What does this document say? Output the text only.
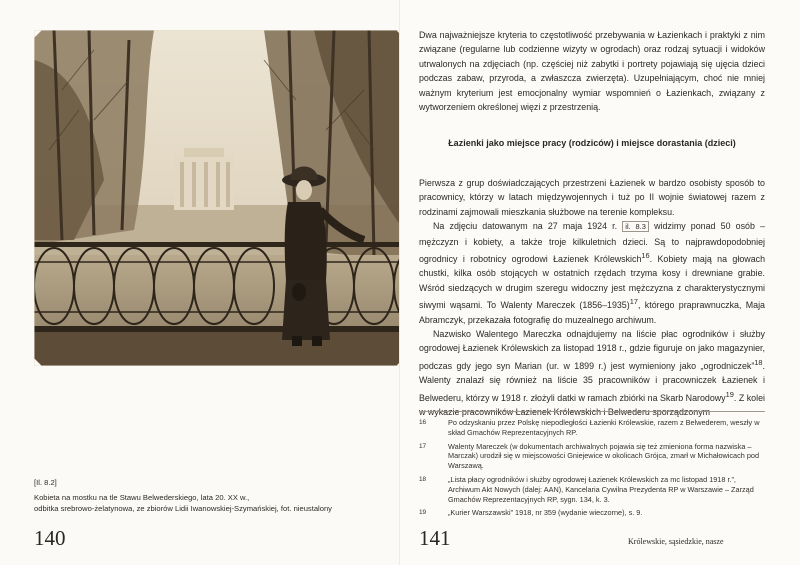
[Il. 8.2]
Kobieta na mostku na tle Stawu Belwederskiego, lata 20. XX w.,
odbitka srebrowo-żelatynowa, ze zbiorów Lidii Iwanowskiej-Szymańskiej, fot. nieustalony
140

Dwa najważniejsze kryteria to częstotliwość przebywania w Łazienkach i praktyki z nim związane (regularne lub codzienne wizyty w ogrodach) oraz rodzaj sytuacji i widoków utrwalonych na zdjęciach (np. częściej niż zabytki i portrety pojawiają się ujęcia dzieci podczas zabaw, przyroda, a zwłaszcza zwierzęta). Uzupełniającym, choć nie mniej ważnym kryterium jest emocjonalny wymiar wspomnień o Łazienkach, związany z wytworzeniem określonej więzi z przestrzenią.

Łazienki jako miejsce pracy (rodziców) i miejsce dorastania (dzieci)

Pierwsza z grup doświadczających przestrzeni Łazienek w bardzo osobisty sposób to pracownicy, którzy w latach międzywojennych i tuż po II wojnie światowej razem z rodzinami zajmowali mieszkania służbowe na terenie kompleksu.

Na zdjęciu datowanym na 27 maja 1924 r. il. 8.3 widzimy ponad 50 osób – mężczyzn i kobiety, a także troje kilkuletnich dzieci. Są to najprawdopodobniej ogrodnicy i robotnicy ogrodowi Łazienek Królewskich$^{16}$. Kobiety mają na głowach chustki, kilka osób stojących w ostatnich rzędach trzyma kosy i drewniane grabie. Wśród siedzących w drugim szeregu widoczny jest mężczyzna z charakterystycznymi siwymi wąsami. To Walenty Mareczek (1856–1935)$^{17}$, którego praprawnuczka, Maja Abramczyk, przekazała fotografię do muzealnego archiwum.

Nazwisko Walentego Mareczka odnajdujemy na liście płac ogrodników i służby ogrodowej Łazienek Królewskich za listopad 1918 r., gdzie figuruje on jako magazynier, podczas gdy jego syn Marian (ur. w 1899 r.) jest wymieniony jako „ogrodniczek”$^{18}$. Walenty znalazł się również na liście 35 pracowników i pracowniczek Łazienek i Belwederu, którzy w 1918 r. złożyli datki w ramach zbiórki na Skarb Narodowy$^{19}$. Z kolei

16	Po odzyskaniu przez Polskę niepodległości Łazienki Królewskie, razem z Belwederem, weszły w skład Gmachów Reprezentacyjnych RP.
17	Walenty Mareczek (w dokumentach archiwalnych pojawia się też zmieniona forma nazwiska – Marczak) urodził się w miejscowości Gniejewice w okolicach Grójca, zmarł w Michałowicach pod Warszawą.
18	„Lista płacy ogrodników i służby ogrodowej Łazienek Królewskich za mc listopad 1918 r.”, Archiwum Akt Nowych (dalej: AAN), Kancelaria Cywilna Prezydenta RP w Warszawie – Zarząd Gmachów Reprezentacyjnych RP, sygn. 134, k. 3.
19	„Kurier Warszawski” 1918, nr 359 (wydanie wieczorne), s. 9.
141	Królewskie, sąsiedzkie, nasze
